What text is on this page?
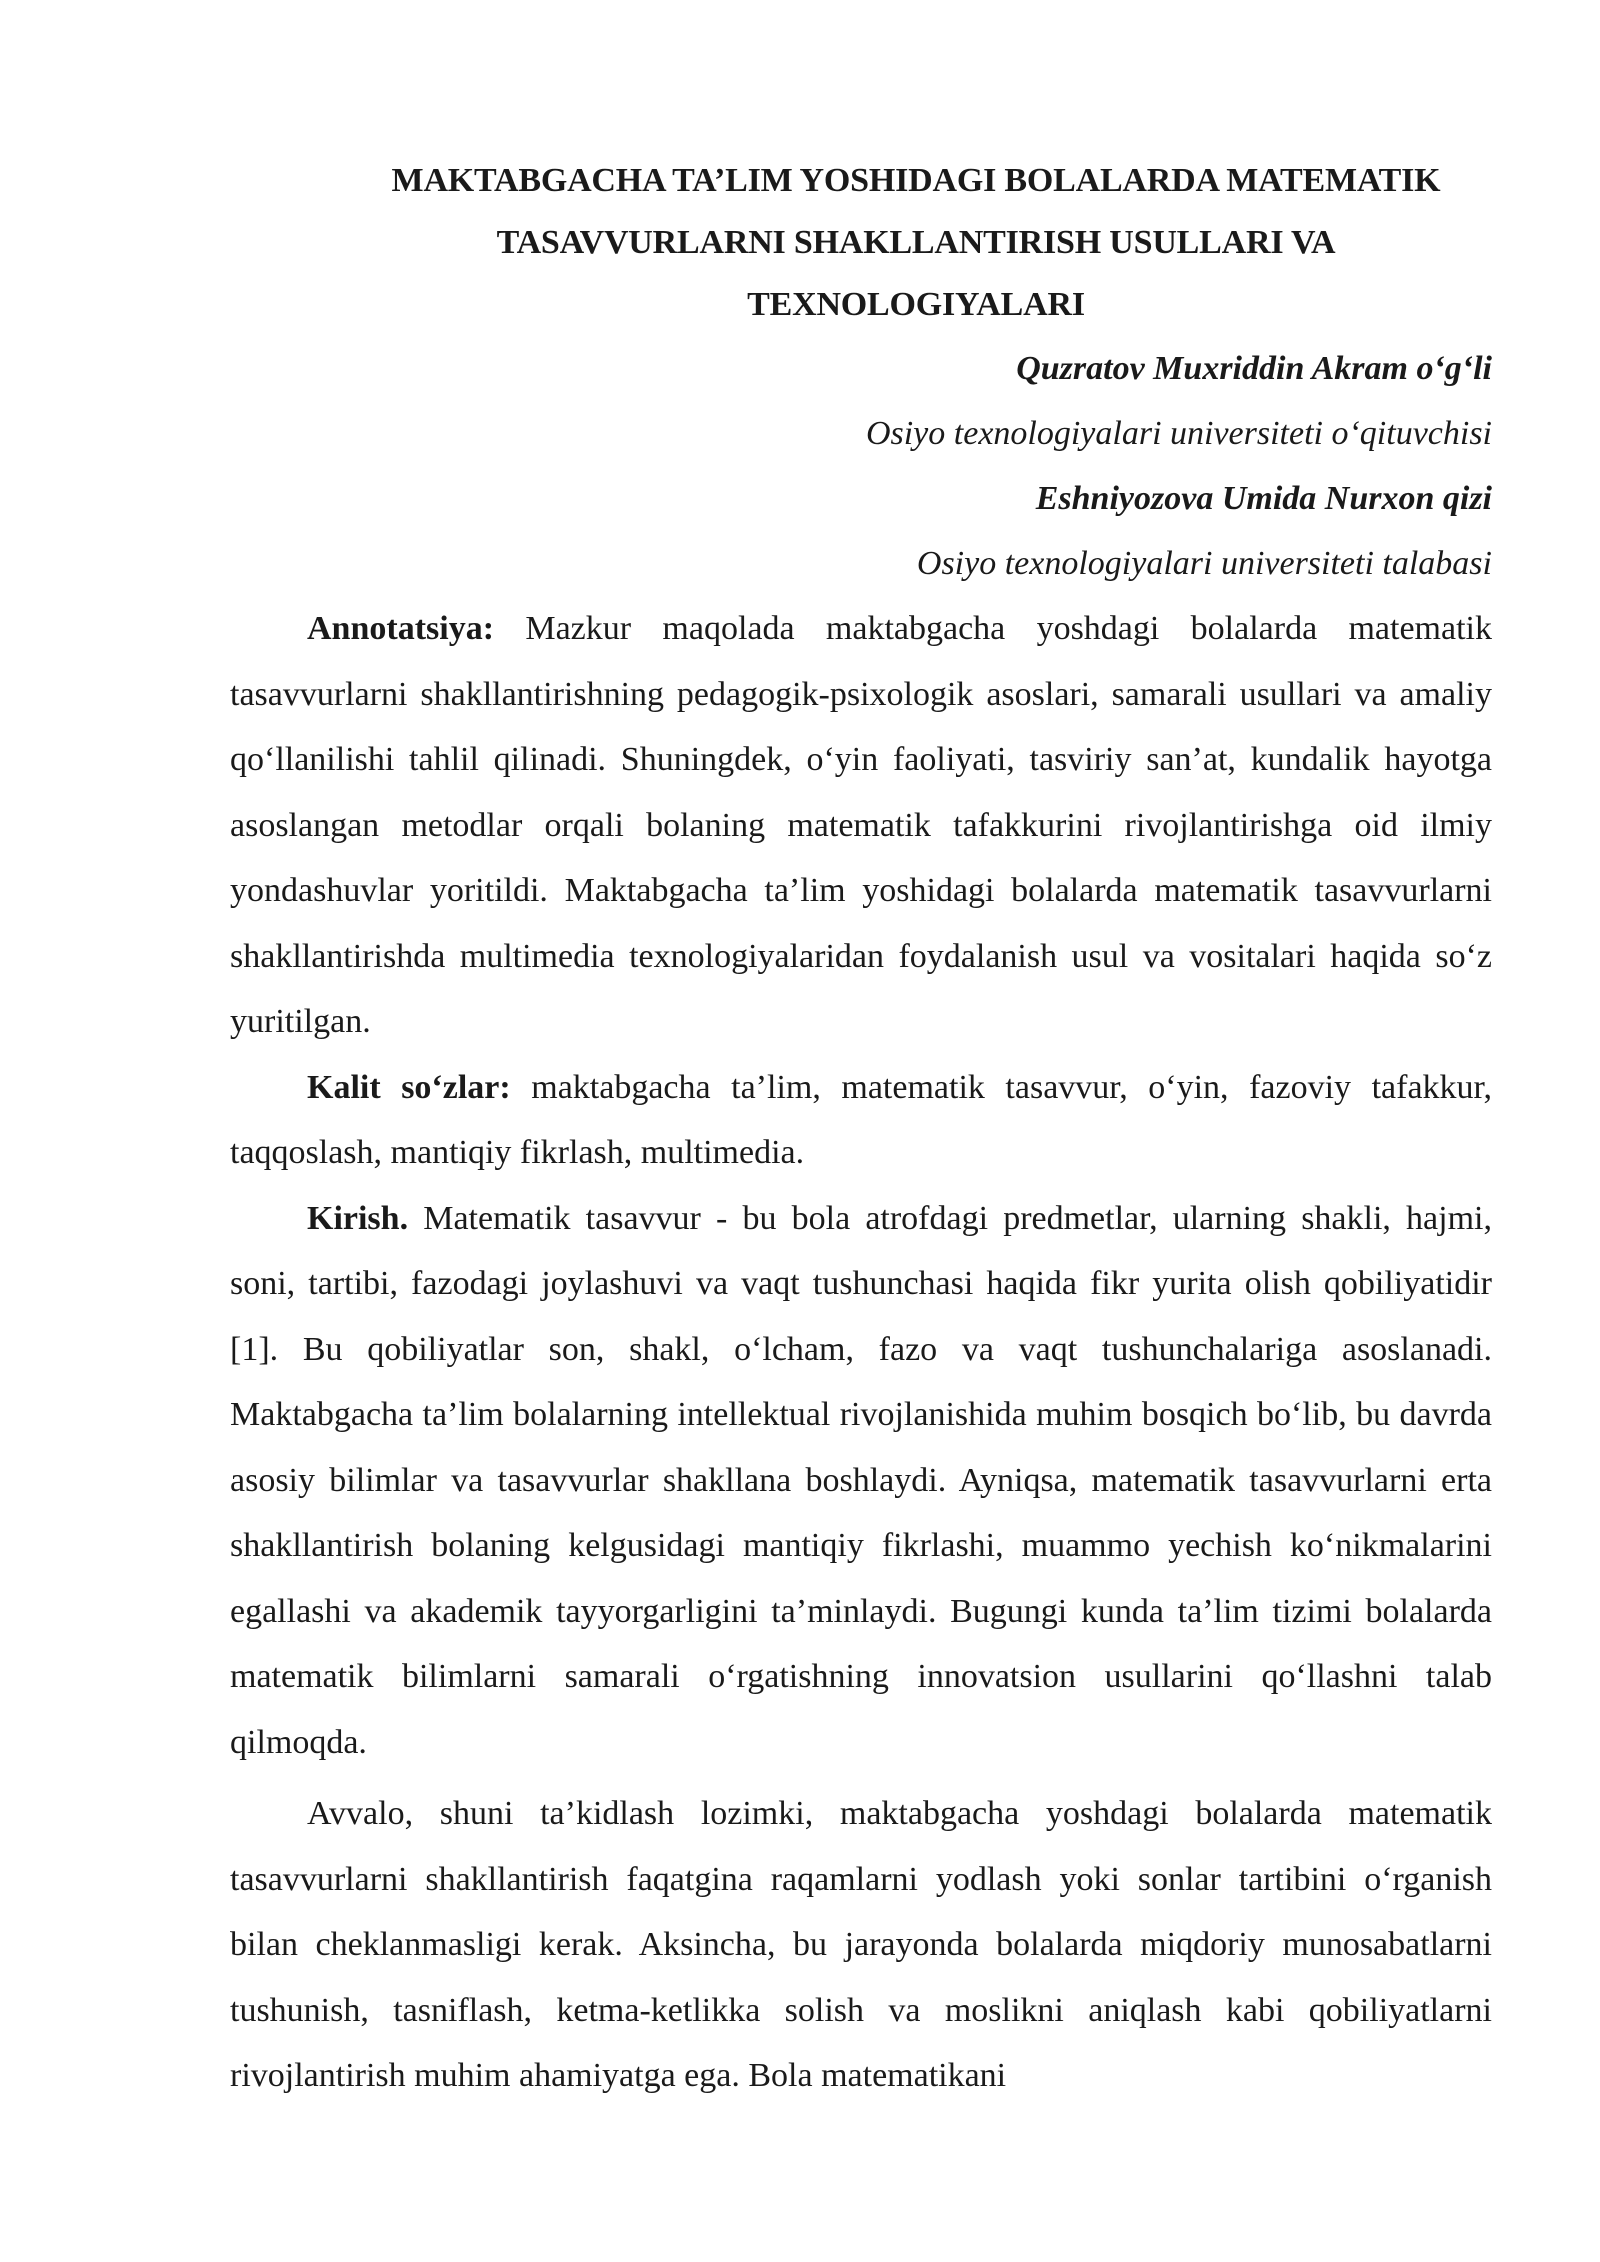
MAKTABGACHA TA’LIM YOSHIDAGI BOLALARDA MATEMATIK
TASAVVURLARNI SHAKLLANTIRISH USULLARI VA
TEXNOLOGIYALARI
Quzratov Muxriddin Akram o‘g‘li
Osiyo texnologiyalari universiteti o‘qituvchisi
Eshniyozova Umida Nurxon qizi
Osiyo texnologiyalari universiteti talabasi

Annotatsiya: Mazkur maqolada maktabgacha yoshdagi bolalarda matematik tasavvurlarni shakllantirishning pedagogik-psixologik asoslari, samarali usullari va amaliy qo‘llanilishi tahlil qilinadi. Shuningdek, o‘yin faoliyati, tasviriy san’at, kundalik hayotga asoslangan metodlar orqali bolaning matematik tafakkurini rivojlantirishga oid ilmiy yondashuvlar yoritildi. Maktabgacha ta’lim yoshidagi bolalarda matematik tasavvurlarni shakllantirishda multimedia texnologiyalaridan foydalanish usul va vositalari haqida so‘z yuritilgan.

Kalit so‘zlar: maktabgacha ta’lim, matematik tasavvur, o‘yin, fazoviy tafakkur, taqqoslash, mantiqiy fikrlash, multimedia.

Kirish. Matematik tasavvur - bu bola atrofdagi predmetlar, ularning shakli, hajmi, soni, tartibi, fazodagi joylashuvi va vaqt tushunchasi haqida fikr yurita olish qobiliyatidir [1]. Bu qobiliyatlar son, shakl, o‘lcham, fazo va vaqt tushunchalariga asoslanadi. Maktabgacha ta’lim bolalarning intellektual rivojlanishida muhim bosqich bo‘lib, bu davrda asosiy bilimlar va tasavvurlar shakllana boshlaydi. Ayniqsa, matematik tasavvurlarni erta shakllantirish bolaning kelgusidagi mantiqiy fikrlashi, muammo yechish ko‘nikmalarini egallashi va akademik tayyorgarligini ta’minlaydi. Bugungi kunda ta’lim tizimi bolalarda matematik bilimlarni samarali o‘rgatishning innovatsion usullarini qo‘llashni talab qilmoqda.

Avvalo, shuni ta’kidlash lozimki, maktabgacha yoshdagi bolalarda matematik tasavvurlarni shakllantirish faqatgina raqamlarni yodlash yoki sonlar tartibini o‘rganish bilan cheklanmasligi kerak. Aksincha, bu jarayonda bolalarda miqdoriy munosabatlarni tushunish, tasniflash, ketma-ketlikka solish va moslikni aniqlash kabi qobiliyatlarni rivojlantirish muhim ahamiyatga ega. Bola matematikani
